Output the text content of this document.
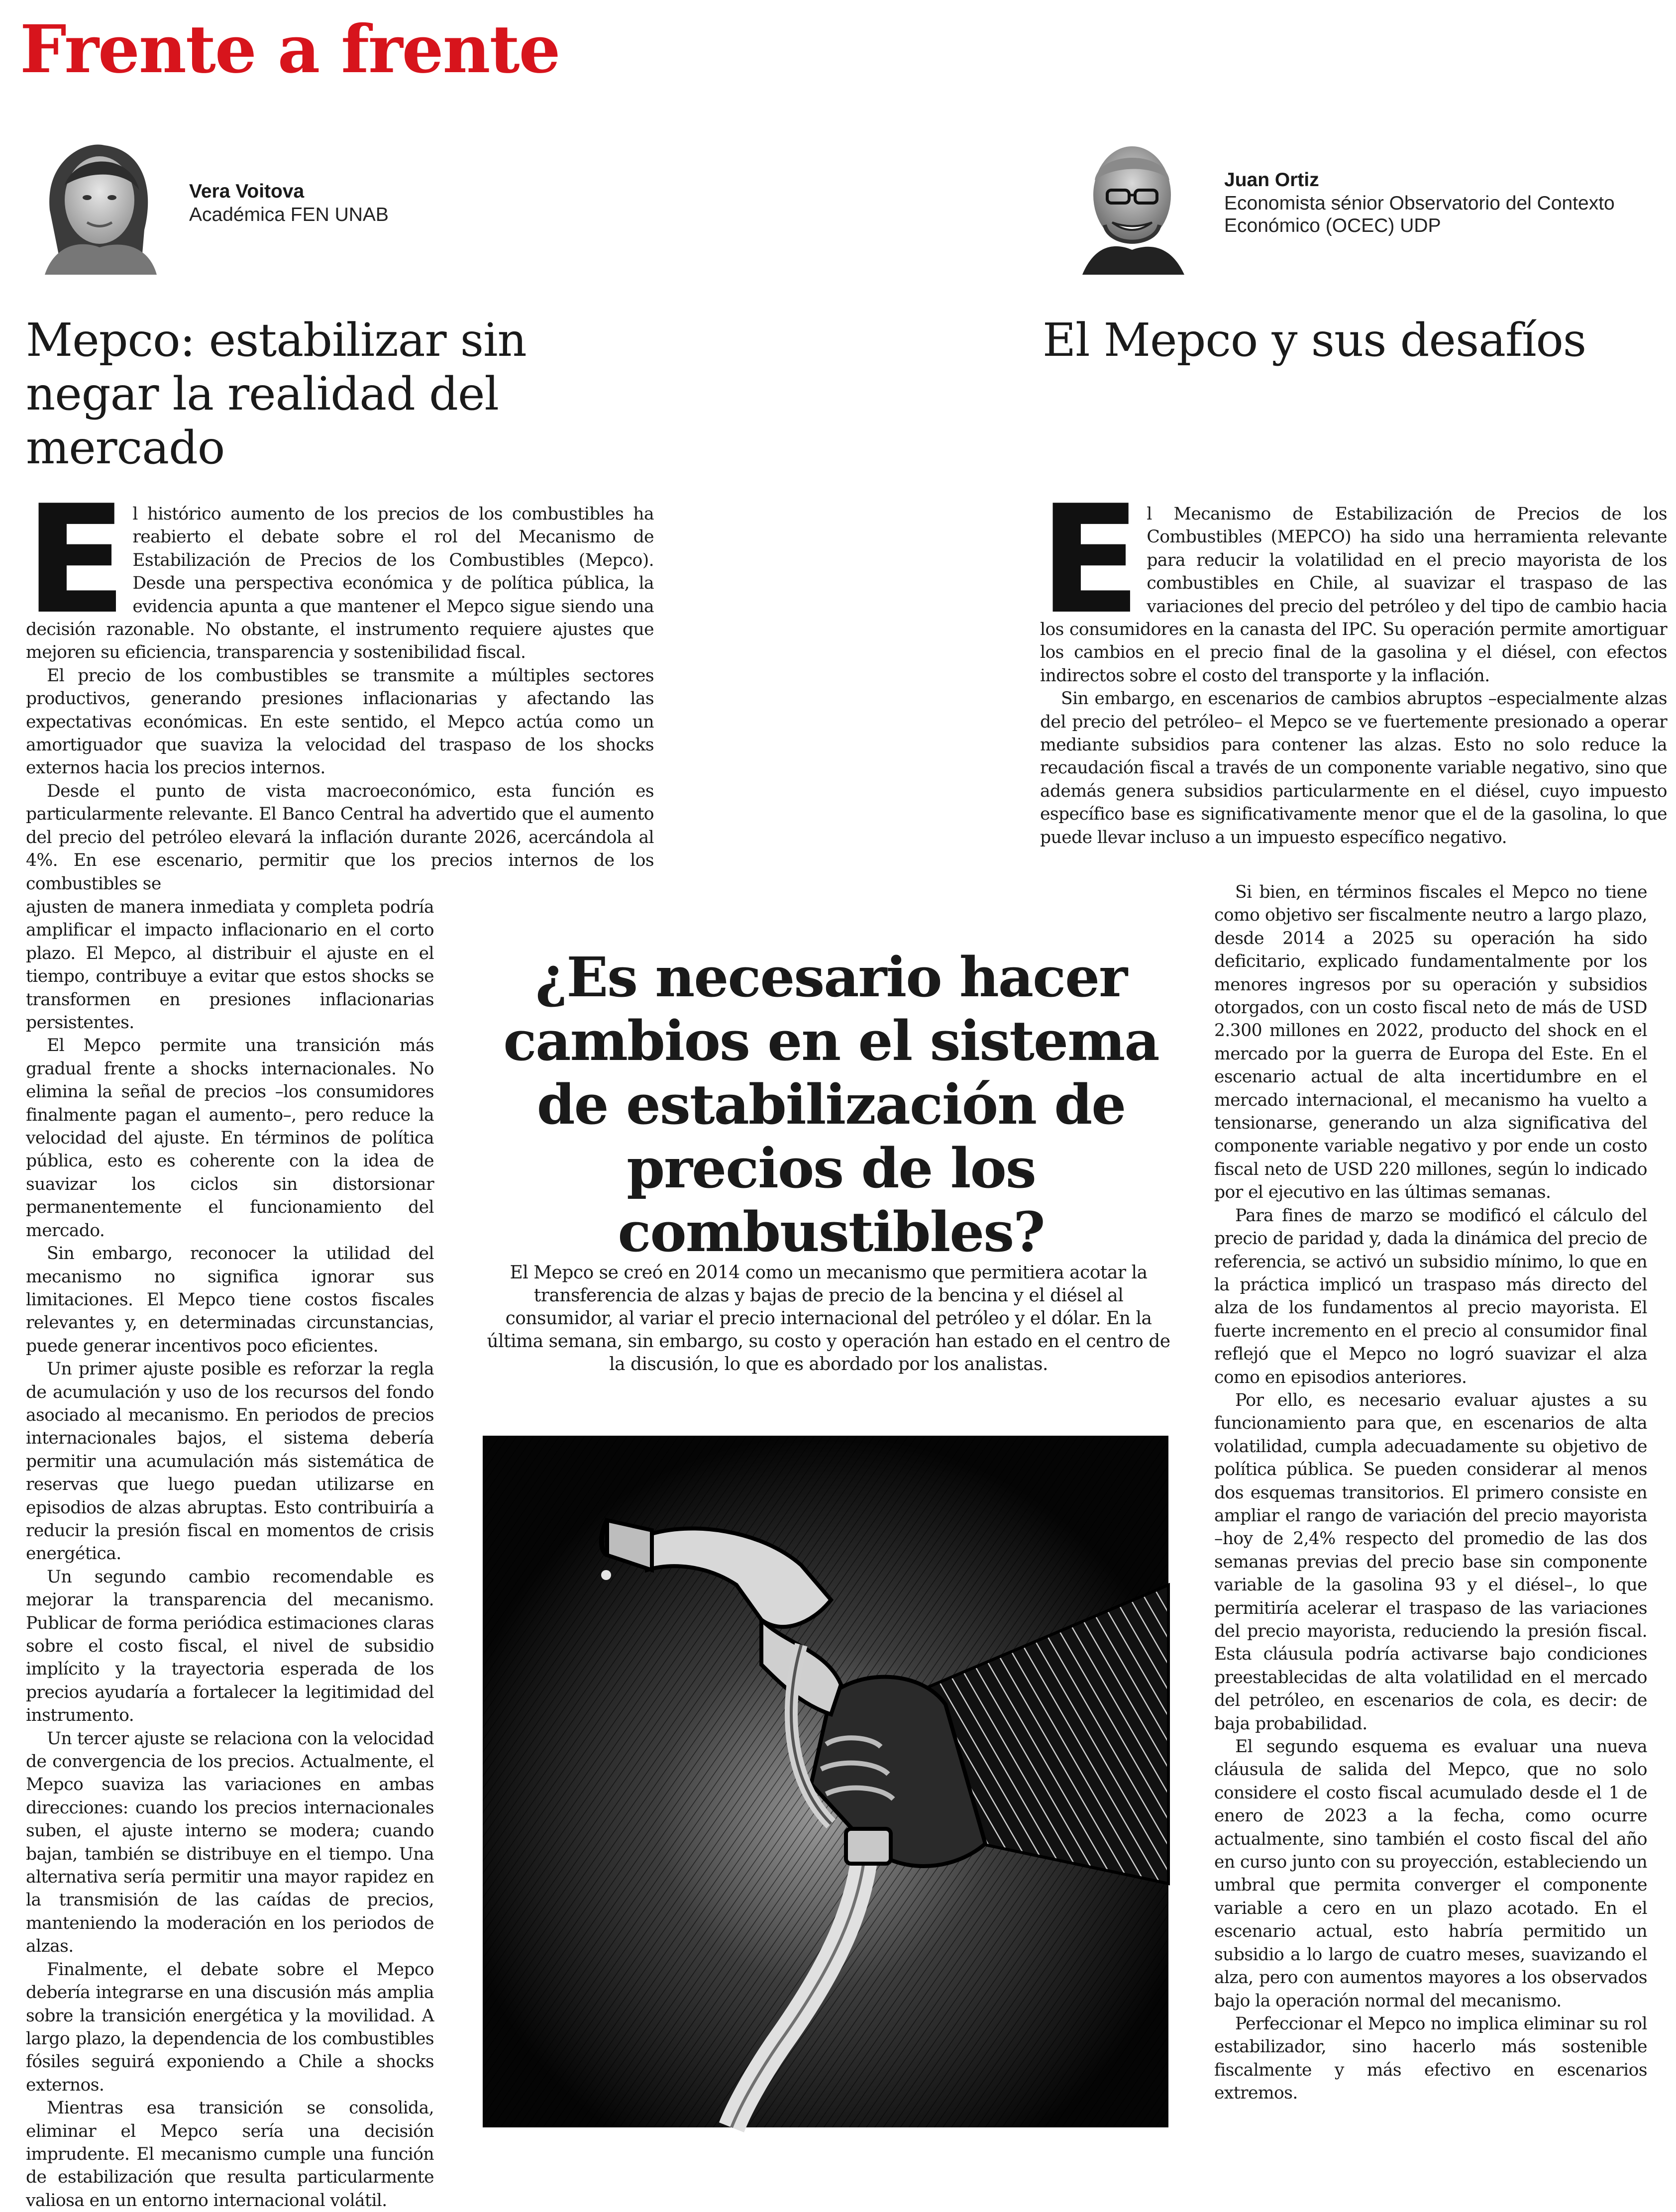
Frente a frente
Vera Voitova
Académica FEN UNAB
Juan Ortiz
Economista sénior Observatorio del Contexto Económico (OCEC) UDP
Mepco: estabilizar sin negar la realidad del mercado
El Mepco y sus desafíos

El histórico aumento de los precios de los combustibles ha reabierto el debate sobre el rol del Mecanismo de Estabilización de Precios de los Combustibles (Mepco). Desde una perspectiva económica y de política pública, la evidencia apunta a que mantener el Mepco sigue siendo una decisión razonable. No obstante, el instrumento requiere ajustes que mejoren su eficiencia, transparencia y sostenibilidad fiscal.

El precio de los combustibles se transmite a múltiples sectores productivos, generando presiones inflacionarias y afectando las expectativas económicas. En este sentido, el Mepco actúa como un amortiguador que suaviza la velocidad del traspaso de los shocks externos hacia los precios internos.

Desde el punto de vista macroeconómico, esta función es particularmente relevante. El Banco Central ha advertido que el aumento del precio del petróleo elevará la inflación durante 2026, acercándola al 4%. En ese escenario, permitir que los precios internos de los combustibles se

ajusten de manera inmediata y completa podría amplificar el impacto inflacionario en el corto plazo. El Mepco, al distribuir el ajuste en el tiempo, contribuye a evitar que estos shocks se transformen en presiones inflacionarias persistentes.

El Mepco permite una transición más gradual frente a shocks internacionales. No elimina la señal de precios –los consumidores finalmente pagan el aumento–, pero reduce la velocidad del ajuste. En términos de política pública, esto es coherente con la idea de suavizar los ciclos sin distorsionar permanentemente el funcionamiento del mercado.

Sin embargo, reconocer la utilidad del mecanismo no significa ignorar sus limitaciones. El Mepco tiene costos fiscales relevantes y, en determinadas circunstancias, puede generar incentivos poco eficientes.

Un primer ajuste posible es reforzar la regla de acumulación y uso de los recursos del fondo asociado al mecanismo. En periodos de precios internacionales bajos, el sistema debería permitir una acumulación más sistemática de reservas que luego puedan utilizarse en episodios de alzas abruptas. Esto contribuiría a reducir la presión fiscal en momentos de crisis energética.

Un segundo cambio recomendable es mejorar la transparencia del mecanismo. Publicar de forma periódica estimaciones claras sobre el costo fiscal, el nivel de subsidio implícito y la trayectoria esperada de los precios ayudaría a fortalecer la legitimidad del instrumento.

Un tercer ajuste se relaciona con la velocidad de convergencia de los precios. Actualmente, el Mepco suaviza las variaciones en ambas direcciones: cuando los precios internacionales suben, el ajuste interno se modera; cuando bajan, también se distribuye en el tiempo. Una alternativa sería permitir una mayor rapidez en la transmisión de las caídas de precios, manteniendo la moderación en los periodos de alzas.

Finalmente, el debate sobre el Mepco debería integrarse en una discusión más amplia sobre la transición energética y la movilidad. A largo plazo, la dependencia de los combustibles fósiles seguirá exponiendo a Chile a shocks externos.

Mientras esa transición se consolida, eliminar el Mepco sería una decisión imprudente. El mecanismo cumple una función de estabilización que resulta particularmente valiosa en un entorno internacional volátil.

El Mecanismo de Estabilización de Precios de los Combustibles (MEPCO) ha sido una herramienta relevante para reducir la volatilidad en el precio mayorista de los combustibles en Chile, al suavizar el traspaso de las variaciones del precio del petróleo y del tipo de cambio hacia los consumidores en la canasta del IPC. Su operación permite amortiguar los cambios en el precio final de la gasolina y el diésel, con efectos indirectos sobre el costo del transporte y la inflación.

Sin embargo, en escenarios de cambios abruptos –especialmente alzas del precio del petróleo– el Mepco se ve fuertemente presionado a operar mediante subsidios para contener las alzas. Esto no solo reduce la recaudación fiscal a través de un componente variable negativo, sino que además genera subsidios particularmente en el diésel, cuyo impuesto específico base es significativamente menor que el de la gasolina, lo que puede llevar incluso a un impuesto específico negativo.

Si bien, en términos fiscales el Mepco no tiene como objetivo ser fiscalmente neutro a largo plazo, desde 2014 a 2025 su operación ha sido deficitario, explicado fundamentalmente por los menores ingresos por su operación y subsidios otorgados, con un costo fiscal neto de más de USD 2.300 millones en 2022, producto del shock en el mercado por la guerra de Europa del Este. En el escenario actual de alta incertidumbre en el mercado internacional, el mecanismo ha vuelto a tensionarse, generando un alza significativa del componente variable negativo y por ende un costo fiscal neto de USD 220 millones, según lo indicado por el ejecutivo en las últimas semanas.

Para fines de marzo se modificó el cálculo del precio de paridad y, dada la dinámica del precio de referencia, se activó un subsidio mínimo, lo que en la práctica implicó un traspaso más directo del alza de los fundamentos al precio mayorista. El fuerte incremento en el precio al consumidor final reflejó que el Mepco no logró suavizar el alza como en episodios anteriores.

Por ello, es necesario evaluar ajustes a su funcionamiento para que, en escenarios de alta volatilidad, cumpla adecuadamente su objetivo de política pública. Se pueden considerar al menos dos esquemas transitorios. El primero consiste en ampliar el rango de variación del precio mayorista –hoy de 2,4% respecto del promedio de las dos semanas previas del precio base sin componente variable de la gasolina 93 y el diésel–, lo que permitiría acelerar el traspaso de las variaciones del precio mayorista, reduciendo la presión fiscal. Esta cláusula podría activarse bajo condiciones preestablecidas de alta volatilidad en el mercado del petróleo, en escenarios de cola, es decir: de baja probabilidad.

El segundo esquema es evaluar una nueva cláusula de salida del Mepco, que no solo considere el costo fiscal acumulado desde el 1 de enero de 2023 a la fecha, como ocurre actualmente, sino también el costo fiscal del año en curso junto con su proyección, estableciendo un umbral que permita converger el componente variable a cero en un plazo acotado. En el escenario actual, esto habría permitido un subsidio a lo largo de cuatro meses, suavizando el alza, pero con aumentos mayores a los observados bajo la operación normal del mecanismo.

Perfeccionar el Mepco no implica eliminar su rol estabilizador, sino hacerlo más sostenible fiscalmente y más efectivo en escenarios extremos.

¿Es necesario hacer cambios en el sistema de estabilización de precios de los combustibles?

El Mepco se creó en 2014 como un mecanismo que permitiera acotar la transferencia de alzas y bajas de precio de la bencina y el diésel al consumidor, al variar el precio internacional del petróleo y el dólar. En la última semana, sin embargo, su costo y operación han estado en el centro de la discusión, lo que es abordado por los analistas.
